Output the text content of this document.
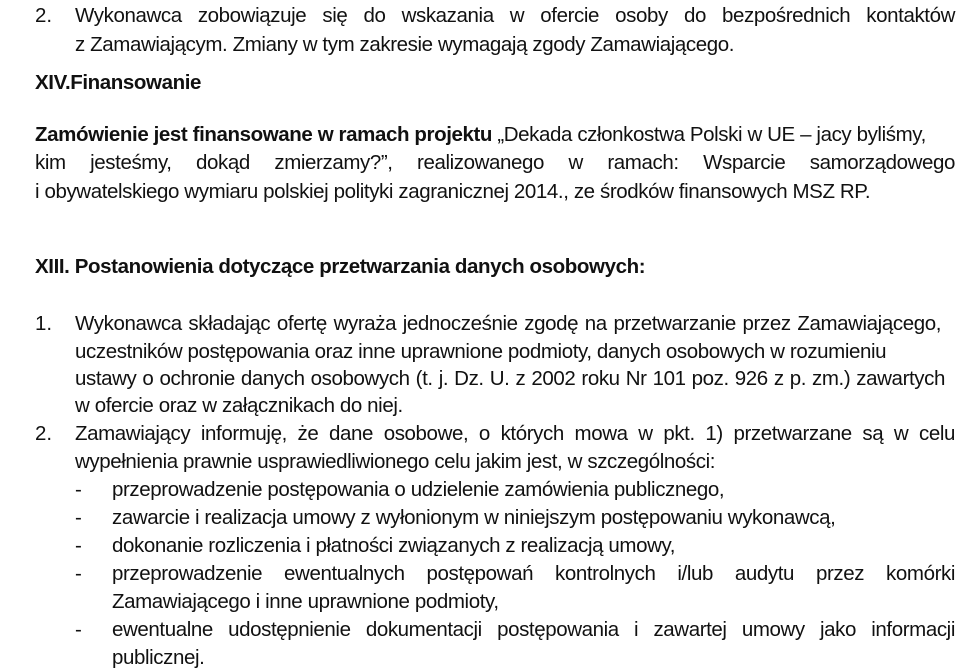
2. Wykonawca zobowiązuje się do wskazania w ofercie osoby do bezpośrednich kontaktów
z Zamawiającym. Zmiany w tym zakresie wymagają zgody Zamawiającego.
XIV.Finansowanie
Zamówienie jest finansowane w ramach projektu „Dekada członkostwa Polski w UE – jacy byliśmy,
kim jesteśmy, dokąd zmierzamy?”, realizowanego w ramach: Wsparcie samorządowego
i obywatelskiego wymiaru polskiej polityki zagranicznej 2014., ze środków finansowych MSZ RP.
XIII. Postanowienia dotyczące przetwarzania danych osobowych:
1. Wykonawca składając ofertę wyraża jednocześnie zgodę na przetwarzanie przez Zamawiającego,
uczestników postępowania oraz inne uprawnione podmioty, danych osobowych w rozumieniu
ustawy o ochronie danych osobowych (t. j. Dz. U. z 2002 roku Nr 101 poz. 926 z p. zm.) zawartych
w ofercie oraz w załącznikach do niej.
2. Zamawiający informuję, że dane osobowe, o których mowa w pkt. 1) przetwarzane są w celu
wypełnienia prawnie usprawiedliwionego celu jakim jest, w szczególności:
- przeprowadzenie postępowania o udzielenie zamówienia publicznego,
- zawarcie i realizacja umowy z wyłonionym w niniejszym postępowaniu wykonawcą,
- dokonanie rozliczenia i płatności związanych z realizacją umowy,
- przeprowadzenie ewentualnych postępowań kontrolnych i/lub audytu przez komórki
Zamawiającego i inne uprawnione podmioty,
- ewentualne udostępnienie dokumentacji postępowania i zawartej umowy jako informacji
publicznej.
